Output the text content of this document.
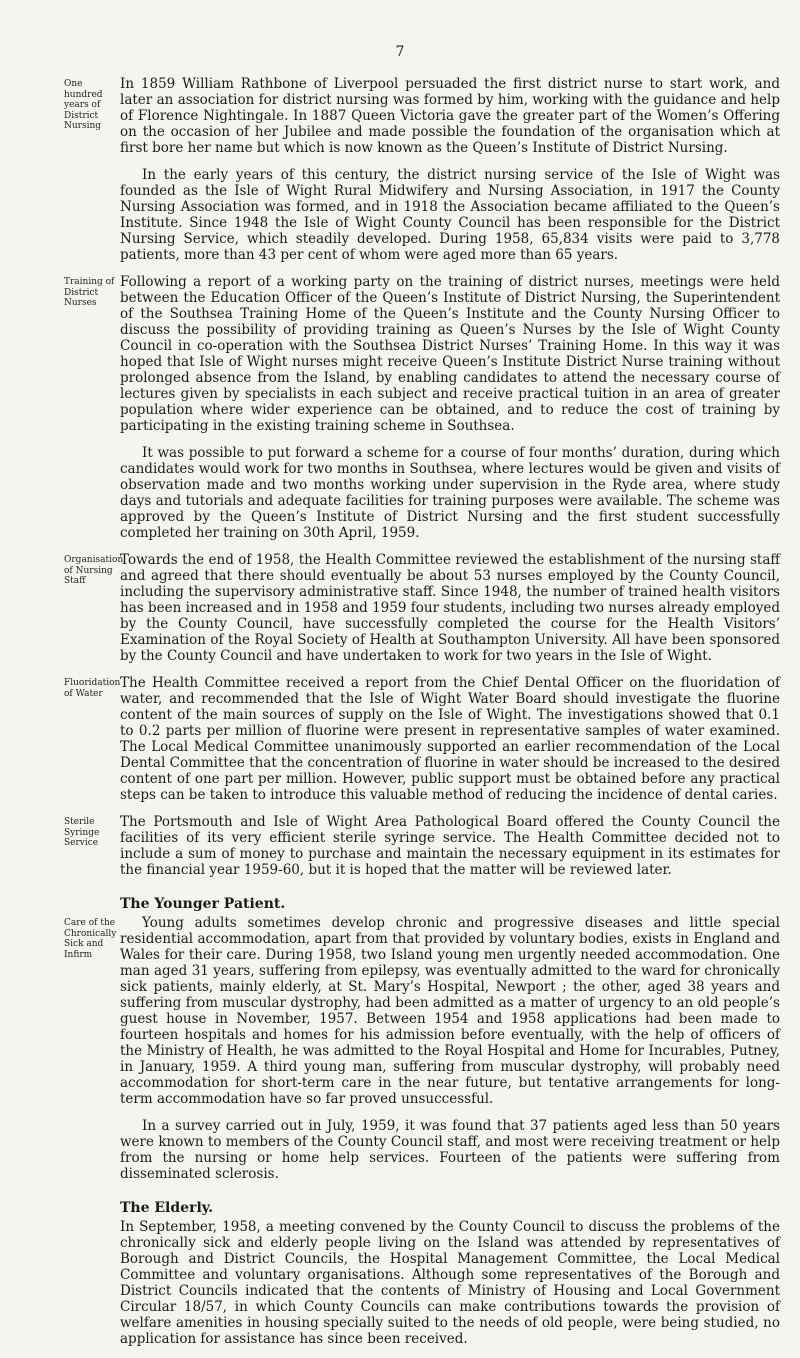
7
One hundred years of District Nursing

In 1859 William Rathbone of Liverpool persuaded the first district nurse to start work, and later an association for district nursing was formed by him, working with the guidance and help of Florence Nightingale. In 1887 Queen Victoria gave the greater part of the Women’s Offering on the occasion of her Jubilee and made possible the foundation of the organisation which at first bore her name but which is now known as the Queen’s Institute of District Nursing.

In the early years of this century, the district nursing service of the Isle of Wight was founded as the Isle of Wight Rural Midwifery and Nursing Association, in 1917 the County Nursing Association was formed, and in 1918 the Association became affiliated to the Queen’s Institute. Since 1948 the Isle of Wight County Council has been responsible for the District Nursing Service, which steadily developed. During 1958, 65,834 visits were paid to 3,778 patients, more than 43 per cent of whom were aged more than 65 years.

Training of District Nurses

Following a report of a working party on the training of district nurses, meetings were held between the Education Officer of the Queen’s Institute of District Nursing, the Superintendent of the Southsea Training Home of the Queen’s Institute and the County Nursing Officer to discuss the possibility of providing training as Queen’s Nurses by the Isle of Wight County Council in co-operation with the Southsea District Nurses’ Training Home. In this way it was hoped that Isle of Wight nurses might receive Queen’s Institute District Nurse training without prolonged absence from the Island, by enabling candidates to attend the necessary course of lectures given by specialists in each subject and receive practical tuition in an area of greater population where wider experience can be obtained, and to reduce the cost of training by participating in the existing training scheme in Southsea.

It was possible to put forward a scheme for a course of four months’ duration, during which candidates would work for two months in Southsea, where lectures would be given and visits of observation made and two months working under supervision in the Ryde area, where study days and tutorials and adequate facilities for training purposes were available. The scheme was approved by the Queen’s Institute of District Nursing and the first student successfully completed her training on 30th April, 1959.

Organisation of Nursing Staff

Towards the end of 1958, the Health Committee reviewed the establishment of the nursing staff and agreed that there should eventually be about 53 nurses employed by the County Council, including the supervisory administrative staff. Since 1948, the number of trained health visitors has been increased and in 1958 and 1959 four students, including two nurses already employed by the County Council, have successfully completed the course for the Health Visitors’ Examination of the Royal Society of Health at Southampton University. All have been sponsored by the County Council and have undertaken to work for two years in the Isle of Wight.

Fluoridation of Water

The Health Committee received a report from the Chief Dental Officer on the fluoridation of water, and recommended that the Isle of Wight Water Board should investigate the fluorine content of the main sources of supply on the Isle of Wight. The investigations showed that 0.1 to 0.2 parts per million of fluorine were present in representative samples of water examined. The Local Medical Committee unanimously supported an earlier recommendation of the Local Dental Committee that the concentration of fluorine in water should be increased to the desired content of one part per million. However, public support must be obtained before any practical steps can be taken to introduce this valuable method of reducing the incidence of dental caries.

Sterile Syringe Service

The Portsmouth and Isle of Wight Area Pathological Board offered the County Council the facilities of its very efficient sterile syringe service. The Health Committee decided not to include a sum of money to purchase and maintain the necessary equipment in its estimates for the financial year 1959-60, but it is hoped that the matter will be reviewed later.

The Younger Patient.
Care of the Chronically Sick and Infirm

Young adults sometimes develop chronic and progressive diseases and little special residential accommodation, apart from that provided by voluntary bodies, exists in England and Wales for their care. During 1958, two Island young men urgently needed accommodation. One man aged 31 years, suffering from epilepsy, was eventually admitted to the ward for chronically sick patients, mainly elderly, at St. Mary’s Hospital, Newport ; the other, aged 38 years and suffering from muscular dystrophy, had been admitted as a matter of urgency to an old people’s guest house in November, 1957. Between 1954 and 1958 applications had been made to fourteen hospitals and homes for his admission before eventually, with the help of officers of the Ministry of Health, he was admitted to the Royal Hospital and Home for Incurables, Putney, in January, 1959. A third young man, suffering from muscular dystrophy, will probably need accommodation for short-term care in the near future, but tentative arrangements for long-term accommodation have so far proved unsuccessful.

In a survey carried out in July, 1959, it was found that 37 patients aged less than 50 years were known to members of the County Council staff, and most were receiving treatment or help from the nursing or home help services. Fourteen of the patients were suffering from disseminated sclerosis.

The Elderly.

In September, 1958, a meeting convened by the County Council to discuss the problems of the chronically sick and elderly people living on the Island was attended by representatives of Borough and District Councils, the Hospital Management Committee, the Local Medical Committee and voluntary organisations. Although some representatives of the Borough and District Councils indicated that the contents of Ministry of Housing and Local Government Circular 18/57, in which County Councils can make contributions towards the provision of welfare amenities in housing specially suited to the needs of old people, were being studied, no application for assistance has since been received.
